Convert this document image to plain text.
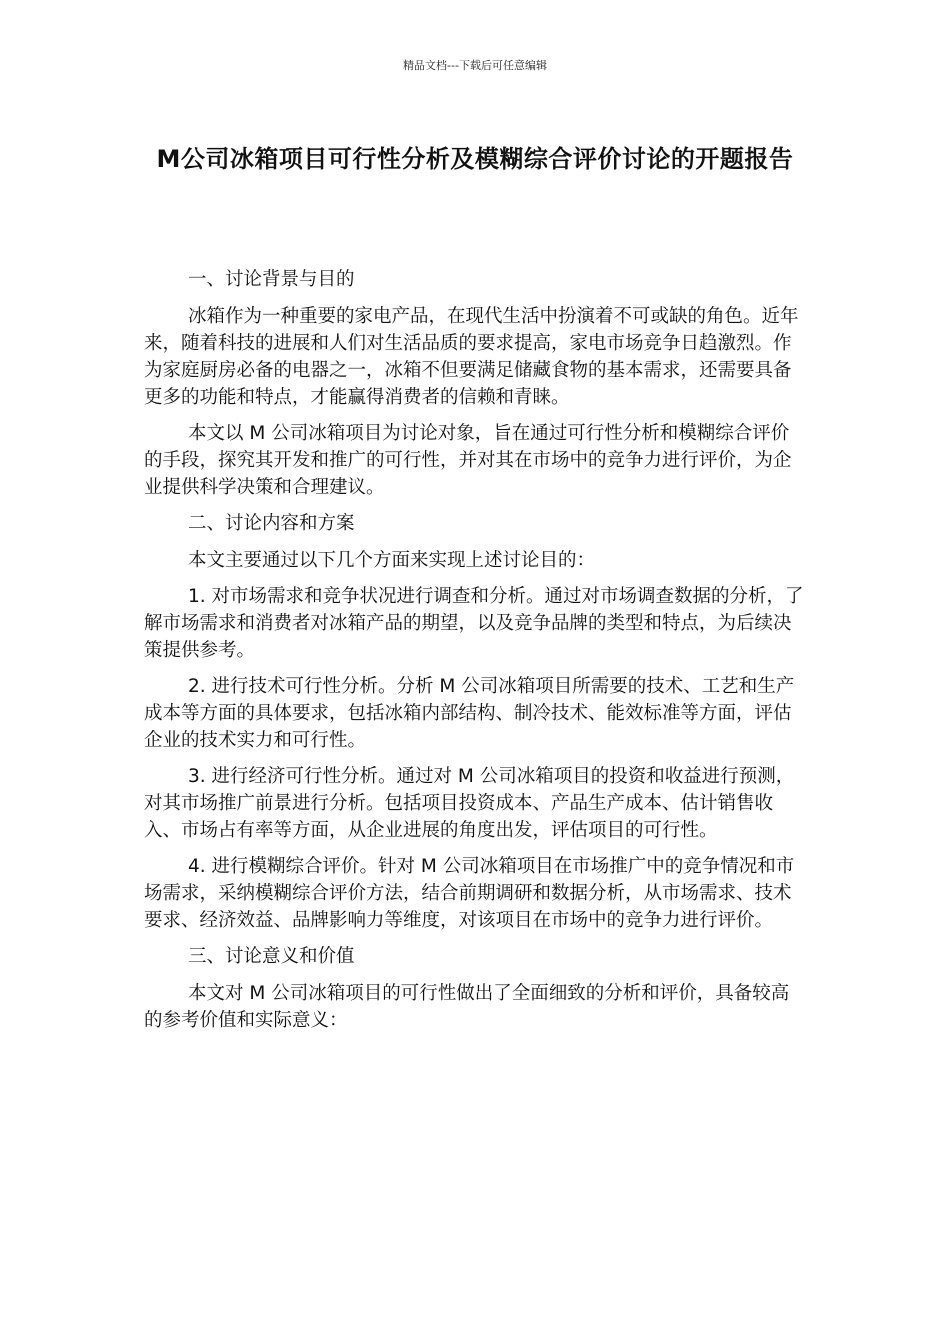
精品文档---下载后可任意编辑
M公司冰箱项目可行性分析及模糊综合评价讨论的开题报告

一、讨论背景与目的

冰箱作为一种重要的家电产品，在现代生活中扮演着不可或缺的角色。近年来，随着科技的进展和人们对生活品质的要求提高，家电市场竞争日趋激烈。作为家庭厨房必备的电器之一，冰箱不但要满足储藏食物的基本需求，还需要具备更多的功能和特点，才能赢得消费者的信赖和青睐。

本文以 M 公司冰箱项目为讨论对象，旨在通过可行性分析和模糊综合评价的手段，探究其开发和推广的可行性，并对其在市场中的竞争力进行评价，为企业提供科学决策和合理建议。

二、讨论内容和方案

本文主要通过以下几个方面来实现上述讨论目的：

1. 对市场需求和竞争状况进行调查和分析。通过对市场调查数据的分析，了解市场需求和消费者对冰箱产品的期望，以及竞争品牌的类型和特点，为后续决策提供参考。

2. 进行技术可行性分析。分析 M 公司冰箱项目所需要的技术、工艺和生产成本等方面的具体要求，包括冰箱内部结构、制冷技术、能效标准等方面，评估企业的技术实力和可行性。

3. 进行经济可行性分析。通过对 M 公司冰箱项目的投资和收益进行预测，对其市场推广前景进行分析。包括项目投资成本、产品生产成本、估计销售收入、市场占有率等方面，从企业进展的角度出发，评估项目的可行性。

4. 进行模糊综合评价。针对 M 公司冰箱项目在市场推广中的竞争情况和市场需求，采纳模糊综合评价方法，结合前期调研和数据分析，从市场需求、技术要求、经济效益、品牌影响力等维度，对该项目在市场中的竞争力进行评价。

三、讨论意义和价值

本文对 M 公司冰箱项目的可行性做出了全面细致的分析和评价，具备较高的参考价值和实际意义：
